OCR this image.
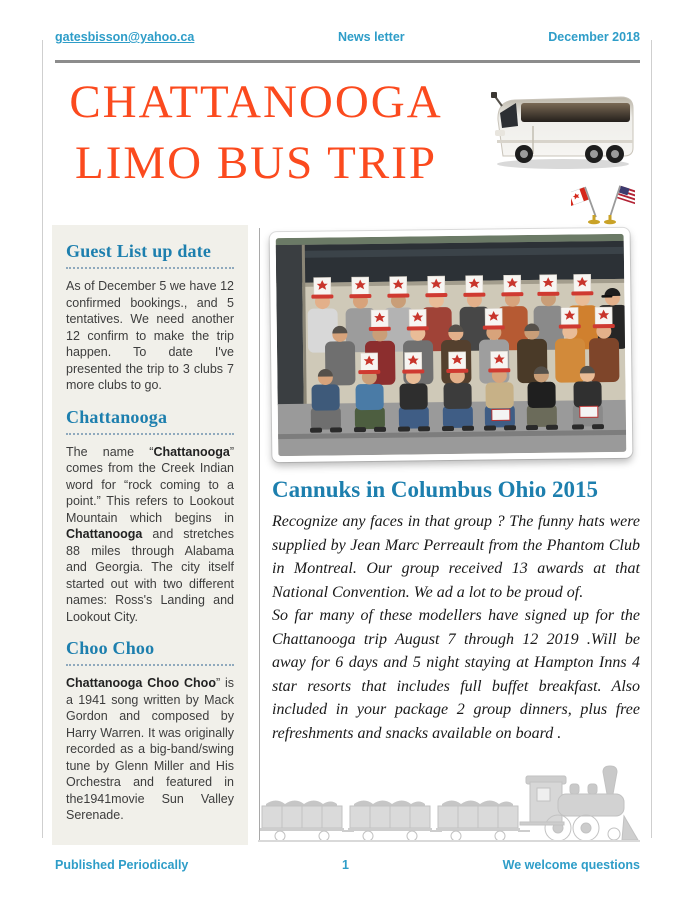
gatesbisson@yahoo.ca	News letter	December 2018
CHATTANOOGA
LIMO BUS TRIP
Guest List up date

As of December 5 we have 12 confirmed bookings., and 5 tentatives. We need another 12 confirm to make the trip happen. To date I've presented the trip to 3 clubs 7 more clubs to go.

Chattanooga

The name “Chattanooga” comes from the Creek Indian word for “rock coming to a point.” This refers to Lookout Mountain which begins in Chattanooga and stretches 88 miles through Alabama and Georgia. The city itself started out with two different names: Ross's Landing and Lookout City.

Choo Choo

Chattanooga Choo Choo” is a 1941 song written by Mack Gordon and composed by Harry Warren. It was originally recorded as a big-band/swing tune by Glenn Miller and His Orchestra and featured in the1941movie Sun Valley Serenade.

Cannuks in Columbus Ohio 2015

Recognize any faces in that group ? The funny hats were supplied by Jean Marc Perreault from the Phantom Club in Montreal. Our group received 13 awards at that National Convention. We ad a lot to be proud of.

So far many of these modellers have signed up for the Chattanooga trip August 7 through 12 2019 .Will be away for 6 days and 5 night staying at Hampton Inns 4 star resorts that includes full buffet breakfast. Also included in your package 2 group dinners, plus free refreshments and snacks available on board .

Published Periodically	1	We welcome questions
